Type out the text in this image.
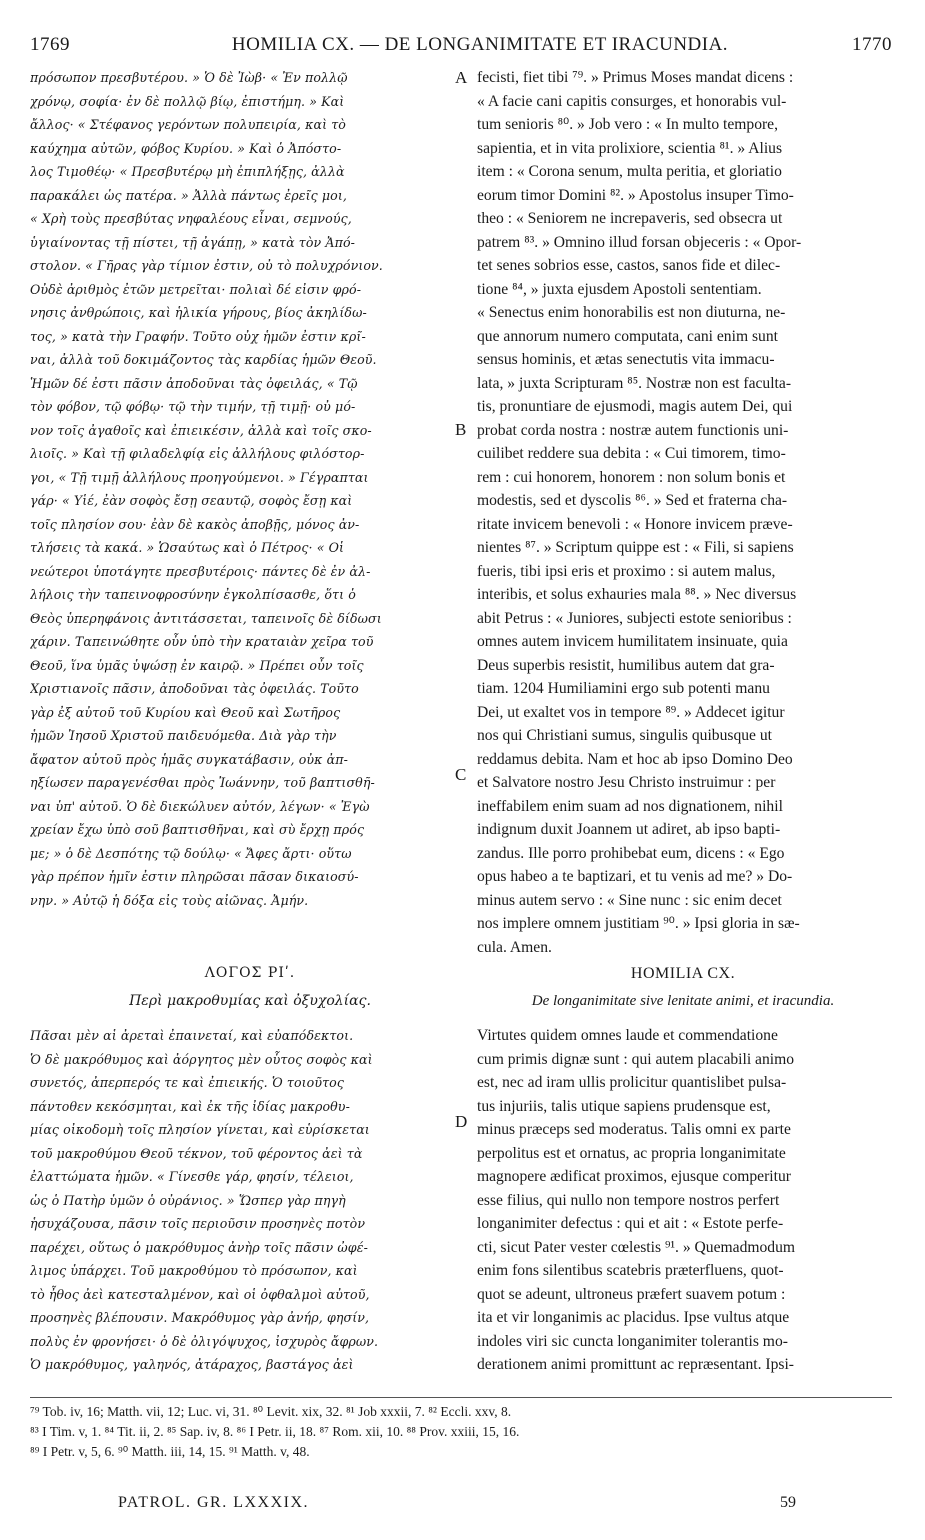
1769	HOMILIA CX. — DE LONGANIMITATE ET IRACUNDIA.	1770
πρόσωπον πρεσβυτέρου. » Ὁ δὲ Ἰὼβ· « Ἐν πολλῷ
χρόνῳ, σοφία· ἐν δὲ πολλῷ βίῳ, ἐπιστήμη. » Καὶ
ἄλλος· « Στέφανος γερόντων πολυπειρία, καὶ τὸ
καύχημα αὐτῶν, φόβος Κυρίου. » Καὶ ὁ Ἀπόστο-
λος Τιμοθέῳ· « Πρεσβυτέρῳ μὴ ἐπιπλήξῃς, ἀλλὰ
παρακάλει ὡς πατέρα. » Ἀλλὰ πάντως ἐρεῖς μοι,
« Χρὴ τοὺς πρεσβύτας νηφαλέους εἶναι, σεμνούς,
ὑγιαίνοντας τῇ πίστει, τῇ ἀγάπῃ, » κατὰ τὸν Ἀπό-
στολον. « Γῆρας γὰρ τίμιον ἐστιν, οὐ τὸ πολυχρόνιον.
Οὐδὲ ἀριθμὸς ἐτῶν μετρεῖται· πολιαὶ δέ εἰσιν φρό-
νησις ἀνθρώποις, καὶ ἡλικία γήρους, βίος ἀκηλίδω-
τος, » κατὰ τὴν Γραφήν. Τοῦτο οὐχ ἡμῶν ἐστιν κρῖ-
ναι, ἀλλὰ τοῦ δοκιμάζοντος τὰς καρδίας ἡμῶν Θεοῦ.
Ἡμῶν δέ ἐστι πᾶσιν ἀποδοῦναι τὰς ὀφειλάς, « Τῷ
τὸν φόβον, τῷ φόβῳ· τῷ τὴν τιμήν, τῇ τιμῇ· οὐ μό-
νον τοῖς ἀγαθοῖς καὶ ἐπιεικέσιν, ἀλλὰ καὶ τοῖς σκο-
λιοῖς. » Καὶ τῇ φιλαδελφίᾳ εἰς ἀλλήλους φιλόστορ-
γοι, « Τῇ τιμῇ ἀλλήλους προηγούμενοι. » Γέγραπται
γάρ· « Υἱέ, ἐὰν σοφὸς ἔσῃ σεαυτῷ, σοφὸς ἔσῃ καὶ
τοῖς πλησίον σου· ἐὰν δὲ κακὸς ἀποβῇς, μόνος ἀν-
τλήσεις τὰ κακά. » Ὡσαύτως καὶ ὁ Πέτρος· « Οἱ
νεώτεροι ὑποτάγητε πρεσβυτέροις· πάντες δὲ ἐν ἀλ-
λήλοις τὴν ταπεινοφροσύνην ἐγκολπίσασθε, ὅτι ὁ
Θεὸς ὑπερηφάνοις ἀντιτάσσεται, ταπεινοῖς δὲ δίδωσι
χάριν. Ταπεινώθητε οὖν ὑπὸ τὴν κραταιὰν χεῖρα τοῦ
Θεοῦ, ἵνα ὑμᾶς ὑψώσῃ ἐν καιρῷ. » Πρέπει οὖν τοῖς
Χριστιανοῖς πᾶσιν, ἀποδοῦναι τὰς ὀφειλάς. Τοῦτο
γὰρ ἐξ αὐτοῦ τοῦ Κυρίου καὶ Θεοῦ καὶ Σωτῆρος
ἡμῶν Ἰησοῦ Χριστοῦ παιδευόμεθα. Διὰ γὰρ τὴν
ἄφατον αὐτοῦ πρὸς ἡμᾶς συγκατάβασιν, οὐκ ἀπ-
ηξίωσεν παραγενέσθαι πρὸς Ἰωάννην, τοῦ βαπτισθῆ-
ναι ὑπ' αὐτοῦ. Ὁ δὲ διεκώλυεν αὐτόν, λέγων· « Ἐγὼ
χρείαν ἔχω ὑπὸ σοῦ βαπτισθῆναι, καὶ σὺ ἔρχῃ πρός
με; » ὁ δὲ Δεσπότης τῷ δούλῳ· « Ἄφες ἄρτι· οὕτω
γὰρ πρέπον ἡμῖν ἐστιν πληρῶσαι πᾶσαν δικαιοσύ-
νην. » Αὐτῷ ἡ δόξα εἰς τοὺς αἰῶνας. Ἀμήν.
fecisti, fiet tibi ⁷⁹. » Primus Moses mandat dicens :
« A facie cani capitis consurges, et honorabis vul-
tum senioris ⁸⁰. » Job vero : « In multo tempore,
sapientia, et in vita prolixiore, scientia ⁸¹. » Alius
item : « Corona senum, multa peritia, et gloriatio
eorum timor Domini ⁸². » Apostolus insuper Timo-
theo : « Seniorem ne increpaveris, sed obsecra ut
patrem ⁸³. » Omnino illud forsan objeceris : « Opor-
tet senes sobrios esse, castos, sanos fide et dilec-
tione ⁸⁴, » juxta ejusdem Apostoli sententiam.
« Senectus enim honorabilis est non diuturna, ne-
que annorum numero computata, cani enim sunt
sensus hominis, et ætas senectutis vita immacu-
lata, » juxta Scripturam ⁸⁵. Nostræ non est faculta-
tis, pronuntiare de ejusmodi, magis autem Dei, qui
probat corda nostra : nostræ autem functionis uni-
cuilibet reddere sua debita : « Cui timorem, timo-
rem : cui honorem, honorem : non solum bonis et
modestis, sed et dyscolis ⁸⁶. » Sed et fraterna cha-
ritate invicem benevoli : « Honore invicem præve-
nientes ⁸⁷. » Scriptum quippe est : « Fili, si sapiens
fueris, tibi ipsi eris et proximo : si autem malus,
interibis, et solus exhauries mala ⁸⁸. » Nec diversus
abit Petrus : « Juniores, subjecti estote senioribus :
omnes autem invicem humilitatem insinuate, quia
Deus superbis resistit, humilibus autem dat gra-
tiam. 1204 Humiliamini ergo sub potenti manu
Dei, ut exaltet vos in tempore ⁸⁹. » Addecet igitur
nos qui Christiani sumus, singulis quibusque ut
reddamus debita. Nam et hoc ab ipso Domino Deo
et Salvatore nostro Jesu Christo instruimur : per
ineffabilem enim suam ad nos dignationem, nihil
indignum duxit Joannem ut adiret, ab ipso bapti-
zandus. Ille porro prohibebat eum, dicens : « Ego
opus habeo a te baptizari, et tu venis ad me? » Do-
minus autem servo : « Sine nunc : sic enim decet
nos implere omnem justitiam ⁹⁰. » Ipsi gloria in sæ-
cula. Amen.
A
B
C
D
ΛΟΓΟΣ ΡΙʹ.
Περὶ μακροθυμίας καὶ ὀξυχολίας.
HOMILIA CX.
De longanimitate sive lenitate animi, et iracundia.
Πᾶσαι μὲν αἱ ἀρεταὶ ἐπαινεταί, καὶ εὐαπόδεκτοι.
Ὁ δὲ μακρόθυμος καὶ ἀόργητος μὲν οὗτος σοφὸς καὶ
συνετός, ἀπερπερός τε καὶ ἐπιεικής. Ὁ τοιοῦτος
πάντοθεν κεκόσμηται, καὶ ἐκ τῆς ἰδίας μακροθυ-
μίας οἰκοδομὴ τοῖς πλησίον γίνεται, καὶ εὑρίσκεται
τοῦ μακροθύμου Θεοῦ τέκνον, τοῦ φέροντος ἀεὶ τὰ
ἐλαττώματα ἡμῶν. « Γίνεσθε γάρ, φησίν, τέλειοι,
ὡς ὁ Πατὴρ ὑμῶν ὁ οὐράνιος. » Ὥσπερ γὰρ πηγὴ
ἡσυχάζουσα, πᾶσιν τοῖς περιοῦσιν προσηνὲς ποτὸν
παρέχει, οὕτως ὁ μακρόθυμος ἀνὴρ τοῖς πᾶσιν ὠφέ-
λιμος ὑπάρχει. Τοῦ μακροθύμου τὸ πρόσωπον, καὶ
τὸ ἦθος ἀεὶ κατεσταλμένον, καὶ οἱ ὀφθαλμοὶ αὐτοῦ,
προσηνὲς βλέπουσιν. Μακρόθυμος γὰρ ἀνήρ, φησίν,
πολὺς ἐν φρονήσει· ὁ δὲ ὀλιγόψυχος, ἰσχυρὸς ἄφρων.
Ὁ μακρόθυμος, γαληνός, ἀτάραχος, βαστάγος ἀεὶ
Virtutes quidem omnes laude et commendatione
cum primis dignæ sunt : qui autem placabili animo
est, nec ad iram ullis prolicitur quantislibet pulsa-
tus injuriis, talis utique sapiens prudensque est,
minus præceps sed moderatus. Talis omni ex parte
perpolitus est et ornatus, ac propria longanimitate
magnopere ædificat proximos, ejusque comperitur
esse filius, qui nullo non tempore nostros perfert
longanimiter defectus : qui et ait : « Estote perfe-
cti, sicut Pater vester cœlestis ⁹¹. » Quemadmodum
enim fons silentibus scatebris præterfluens, quot-
quot se adeunt, ultroneus præfert suavem potum :
ita et vir longanimis ac placidus. Ipse vultus atque
indoles viri sic cuncta longanimiter tolerantis mo-
derationem animi promittunt ac repræsentant. Ipsi-
⁷⁹ Tob. iv, 16; Matth. vii, 12; Luc. vi, 31. ⁸⁰ Levit. xix, 32. ⁸¹ Job xxxii, 7. ⁸² Eccli. xxv, 8.
⁸³ I Tim. v, 1. ⁸⁴ Tit. ii, 2. ⁸⁵ Sap. iv, 8. ⁸⁶ I Petr. ii, 18. ⁸⁷ Rom. xii, 10. ⁸⁸ Prov. xxiii, 15, 16.
⁸⁹ I Petr. v, 5, 6. ⁹⁰ Matth. iii, 14, 15. ⁹¹ Matth. v, 48.
PATROL. GR. LXXXIX.	59
